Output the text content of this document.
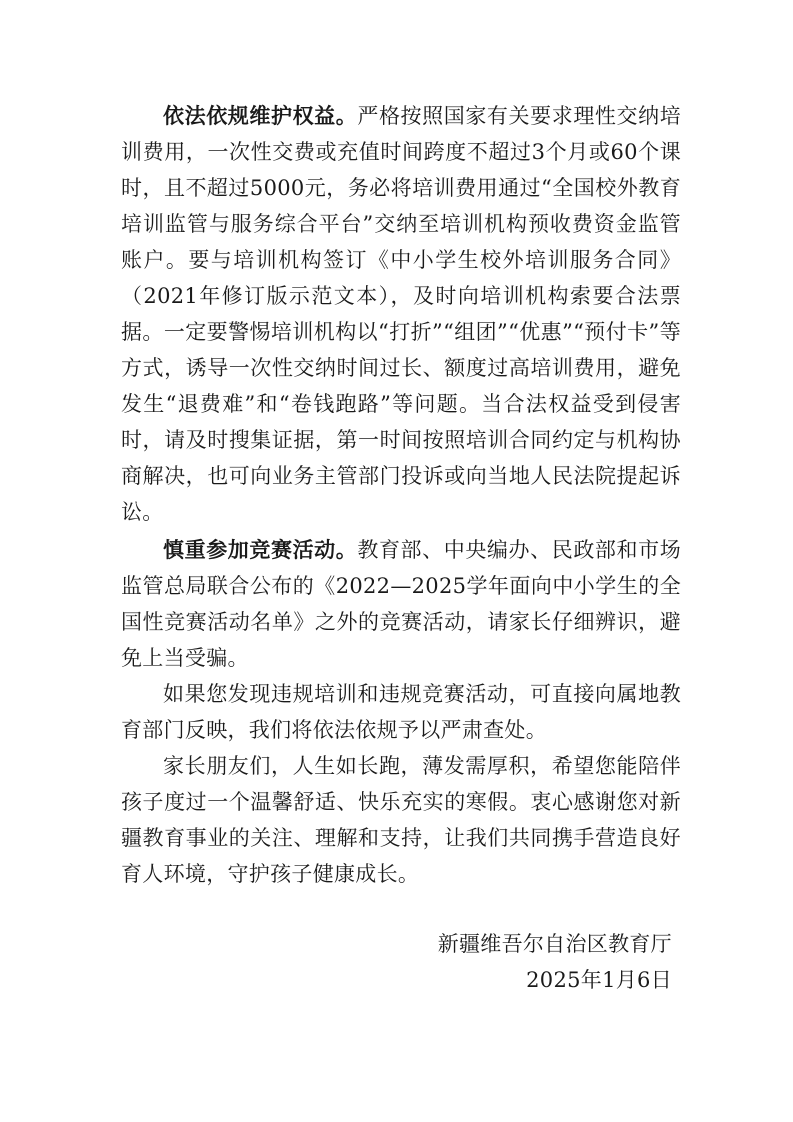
依法依规维护权益。严格按照国家有关要求理性交纳培训费用，一次性交费或充值时间跨度不超过3个月或60个课时，且不超过5000元，务必将培训费用通过“全国校外教育培训监管与服务综合平台”交纳至培训机构预收费资金监管账户。要与培训机构签订《中小学生校外培训服务合同》（2021年修订版示范文本），及时向培训机构索要合法票据。一定要警惕培训机构以“打折”“组团”“优惠”“预付卡”等方式，诱导一次性交纳时间过长、额度过高培训费用，避免发生“退费难”和“卷钱跑路”等问题。当合法权益受到侵害时，请及时搜集证据，第一时间按照培训合同约定与机构协商解决，也可向业务主管部门投诉或向当地人民法院提起诉讼。

慎重参加竞赛活动。教育部、中央编办、民政部和市场监管总局联合公布的《2022—2025学年面向中小学生的全国性竞赛活动名单》之外的竞赛活动，请家长仔细辨识，避免上当受骗。

如果您发现违规培训和违规竞赛活动，可直接向属地教育部门反映，我们将依法依规予以严肃查处。

家长朋友们，人生如长跑，薄发需厚积，希望您能陪伴孩子度过一个温馨舒适、快乐充实的寒假。衷心感谢您对新疆教育事业的关注、理解和支持，让我们共同携手营造良好育人环境，守护孩子健康成长。

新疆维吾尔自治区教育厅

2025年1月6日
